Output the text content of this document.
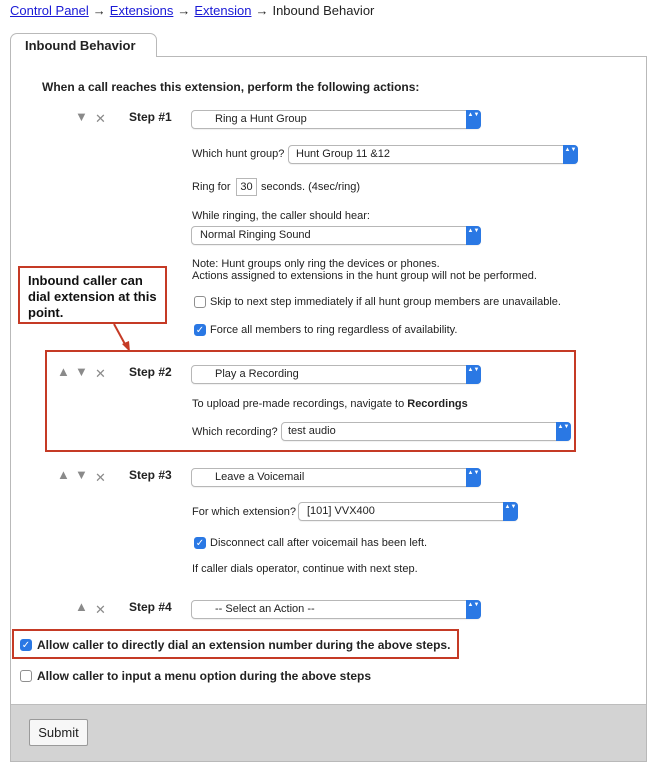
Control Panel → Extensions → Extension → Inbound Behavior
Inbound Behavior
When a call reaches this extension, perform the following actions:
▼ ✕ Step #1	Ring a Hunt Group	▲▼
Which hunt group? Hunt Group 11 &12	▲▼
Ring for 30 seconds. (4sec/ring)
While ringing, the caller should hear:
Normal Ringing Sound	▲▼
Note: Hunt groups only ring the devices or phones.
Actions assigned to extensions in the hunt group will not be performed.
Skip to next step immediately if all hunt group members are unavailable.
✓ Force all members to ring regardless of availability.
Inbound caller can dial extension at this point.
▲ ▼ ✕ Step #2	Play a Recording	▲▼
To upload pre-made recordings, navigate to Recordings
Which recording? test audio	▲▼
▲ ▼ ✕ Step #3	Leave a Voicemail	▲▼
For which extension? [101] VVX400	▲▼
✓ Disconnect call after voicemail has been left.
If caller dials operator, continue with next step.
▲ ✕ Step #4	-- Select an Action --	▲▼
✓ Allow caller to directly dial an extension number during the above steps.
Allow caller to input a menu option during the above steps
Submit
